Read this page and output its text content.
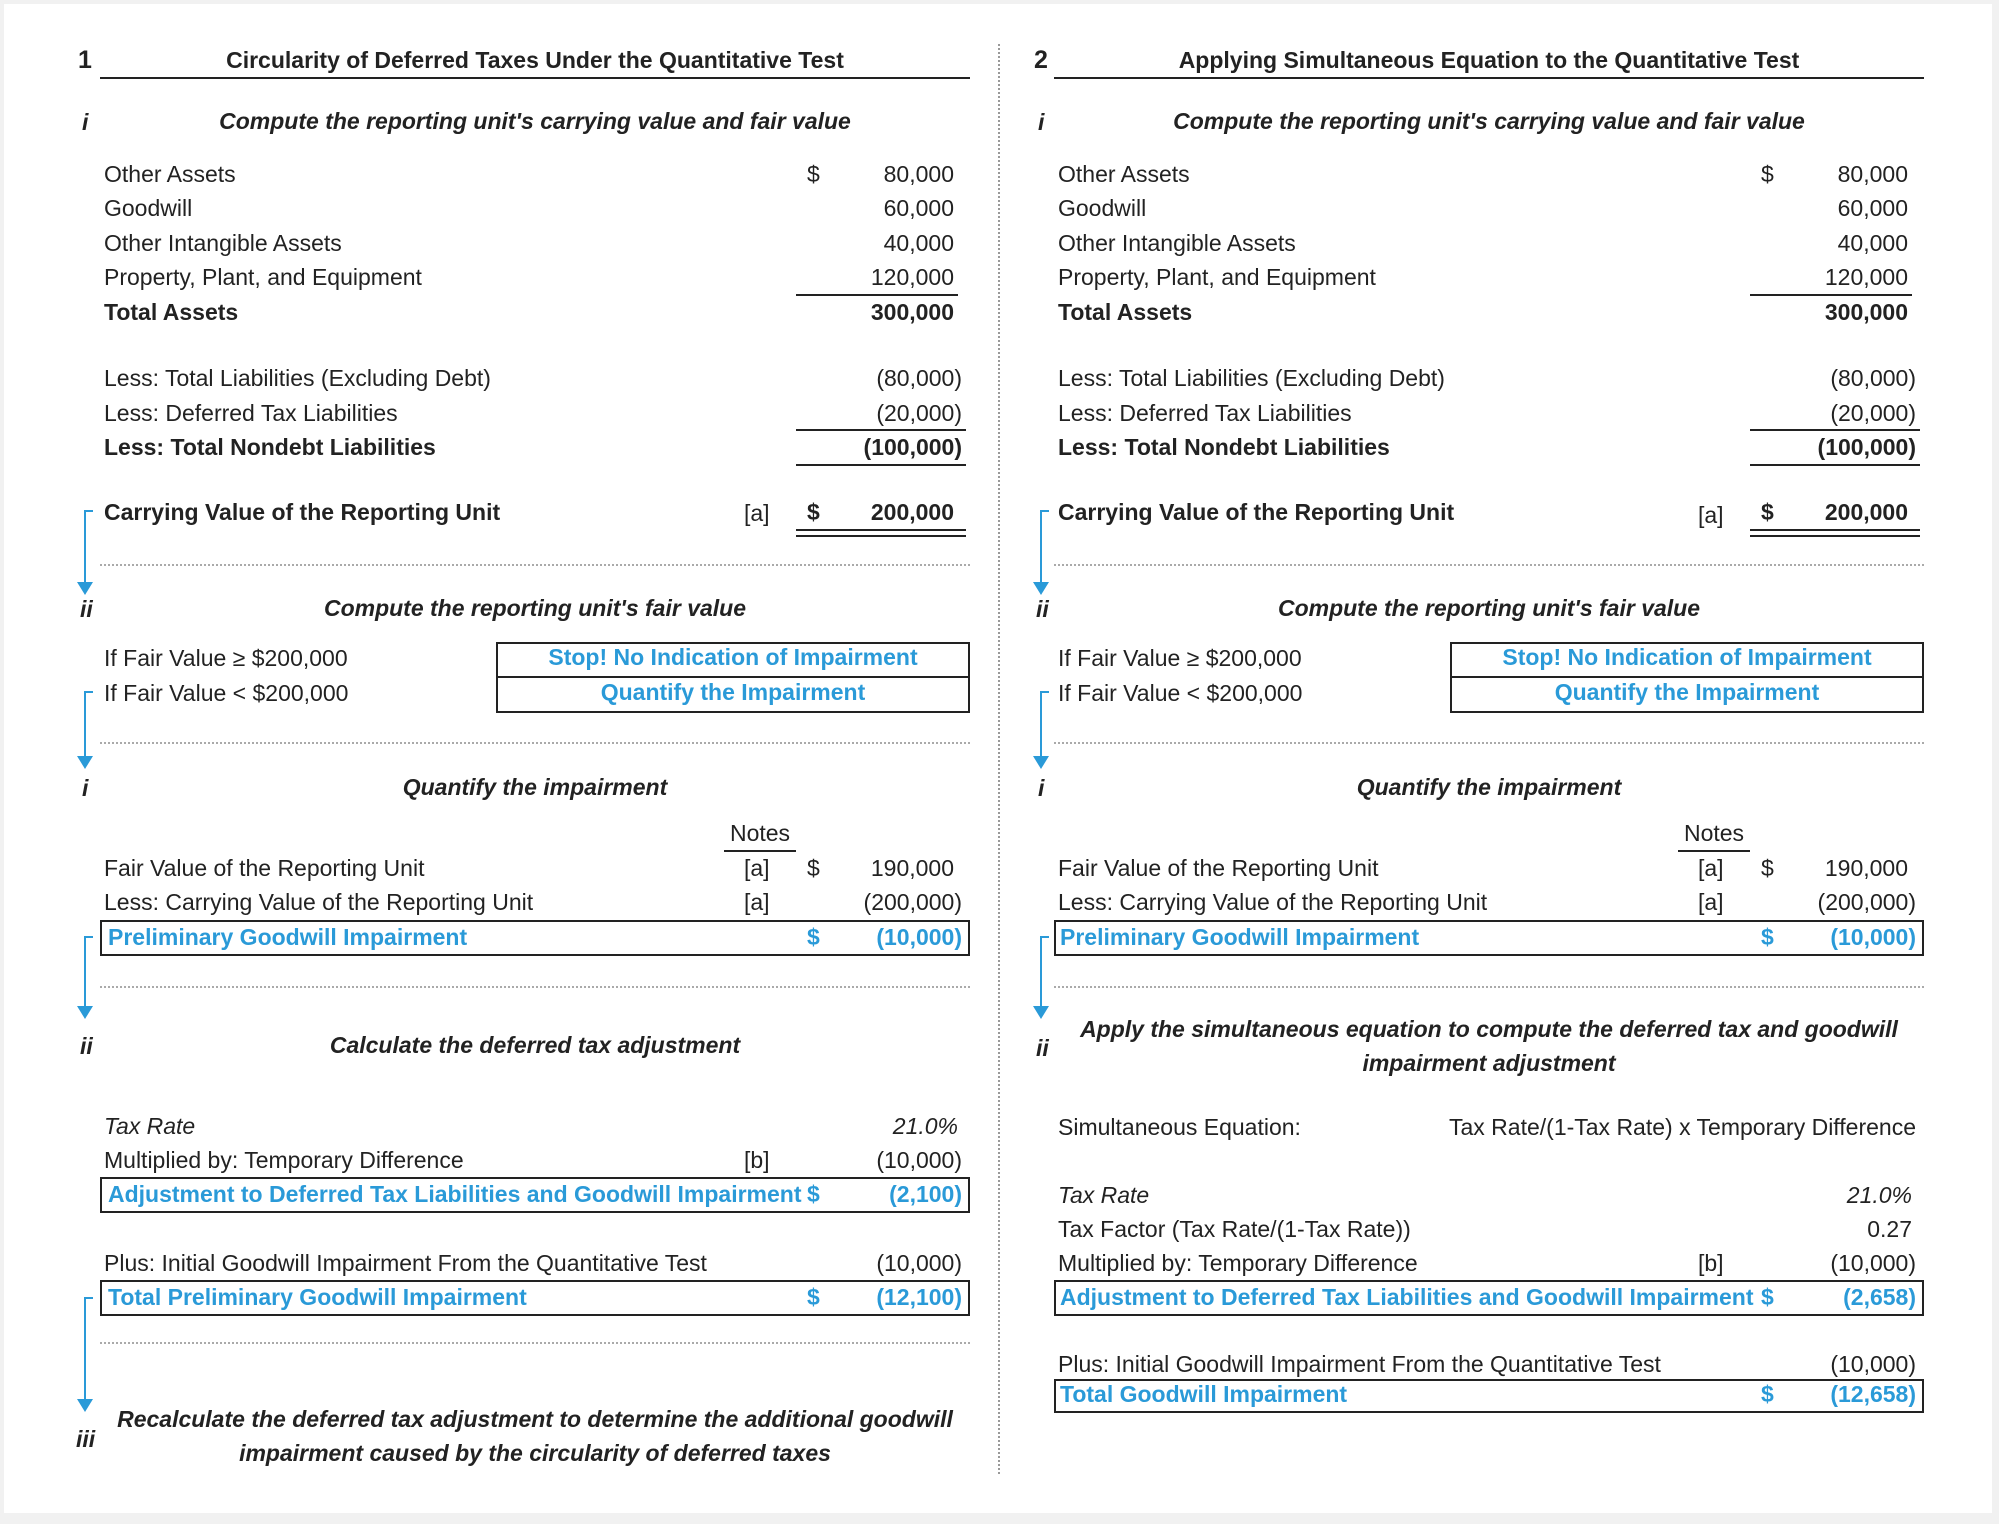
1	Circularity of Deferred Taxes Under the Quantitative Test
i	Compute the reporting unit's carrying value and fair value
Other Assets	$	80,000
Goodwill	60,000
Other Intangible Assets	40,000
Property, Plant, and Equipment	120,000
Total Assets	300,000
Less: Total Liabilities (Excluding Debt)	(80,000)
Less: Deferred Tax Liabilities	(20,000)
Less: Total Nondebt Liabilities	(100,000)
Carrying Value of the Reporting Unit	[a] $	200,000
ii	Compute the reporting unit's fair value
If Fair Value ≥ $200,000
If Fair Value < $200,000
Stop! No Indication of Impairment
Quantify the Impairment
i	Quantify the impairment
Notes
Fair Value of the Reporting Unit	[a] $	190,000
Less: Carrying Value of the Reporting Unit	[a]	(200,000)
Preliminary Goodwill Impairment	$	(10,000)
ii	Calculate the deferred tax adjustment
Tax Rate	21.0%
Multiplied by: Temporary Difference	[b]	(10,000)
Adjustment to Deferred Tax Liabilities and Goodwill Impairment $	(2,100)
Plus: Initial Goodwill Impairment From the Quantitative Test	(10,000)
Total Preliminary Goodwill Impairment	$	(12,100)
iii
Recalculate the deferred tax adjustment to determine the additional goodwill
impairment caused by the circularity of deferred taxes
2	Applying Simultaneous Equation to the Quantitative Test
i	Compute the reporting unit's carrying value and fair value
Other Assets	$	80,000
Goodwill	60,000
Other Intangible Assets	40,000
Property, Plant, and Equipment	120,000
Total Assets	300,000
Less: Total Liabilities (Excluding Debt)	(80,000)
Less: Deferred Tax Liabilities	(20,000)
Less: Total Nondebt Liabilities	(100,000)
Carrying Value of the Reporting Unit	[a] $	200,000
ii	Compute the reporting unit's fair value
If Fair Value ≥ $200,000
If Fair Value < $200,000
Stop! No Indication of Impairment
Quantify the Impairment
i	Quantify the impairment
Notes
Fair Value of the Reporting Unit	[a] $	190,000
Less: Carrying Value of the Reporting Unit	[a]	(200,000)
Preliminary Goodwill Impairment	$	(10,000)
ii
Apply the simultaneous equation to compute the deferred tax and goodwill
impairment adjustment
Simultaneous Equation:	Tax Rate/(1-Tax Rate) x Temporary Difference
Tax Rate	21.0%
Tax Factor (Tax Rate/(1-Tax Rate))	0.27
Multiplied by: Temporary Difference	[b]	(10,000)
Adjustment to Deferred Tax Liabilities and Goodwill Impairment $	(2,658)
Plus: Initial Goodwill Impairment From the Quantitative Test	(10,000)
Total Goodwill Impairment	$	(12,658)
